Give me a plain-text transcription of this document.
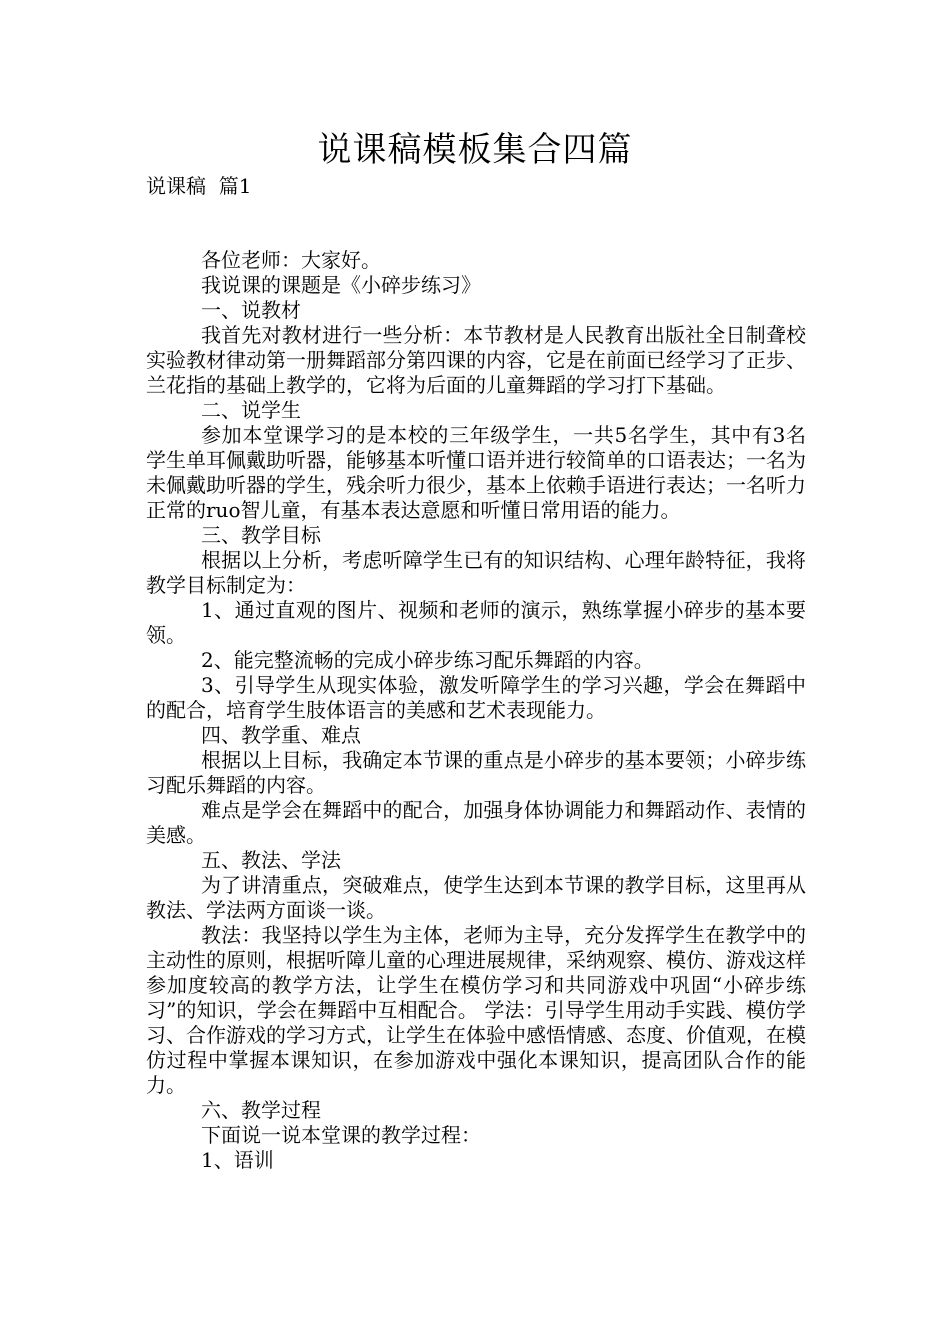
说课稿模板集合四篇
说课稿  篇1

各位老师：大家好。

我说课的课题是《小碎步练习》

一、说教材

我首先对教材进行一些分析：本节教材是人民教育出版社全日制聋校实验教材律动第一册舞蹈部分第四课的内容，它是在前面已经学习了正步、兰花指的基础上教学的，它将为后面的儿童舞蹈的学习打下基础。

二、说学生

参加本堂课学习的是本校的三年级学生，一共5名学生，其中有3名学生单耳佩戴助听器，能够基本听懂口语并进行较简单的口语表达；一名为未佩戴助听器的学生，残余听力很少，基本上依赖手语进行表达；一名听力正常的ruo智儿童，有基本表达意愿和听懂日常用语的能力。

三、教学目标

根据以上分析，考虑听障学生已有的知识结构、心理年龄特征，我将教学目标制定为：

1、通过直观的图片、视频和老师的演示，熟练掌握小碎步的基本要领。

2、能完整流畅的完成小碎步练习配乐舞蹈的内容。

3、引导学生从现实体验，激发听障学生的学习兴趣，学会在舞蹈中的配合，培育学生肢体语言的美感和艺术表现能力。

四、教学重、难点

根据以上目标，我确定本节课的重点是小碎步的基本要领；小碎步练习配乐舞蹈的内容。

难点是学会在舞蹈中的配合，加强身体协调能力和舞蹈动作、表情的美感。

五、教法、学法

为了讲清重点，突破难点，使学生达到本节课的教学目标，这里再从教法、学法两方面谈一谈。

教法：我坚持以学生为主体，老师为主导，充分发挥学生在教学中的主动性的原则，根据听障儿童的心理进展规律，采纳观察、模仿、游戏这样参加度较高的教学方法，让学生在模仿学习和共同游戏中巩固“小碎步练习”的知识，学会在舞蹈中互相配合。 学法：引导学生用动手实践、模仿学习、合作游戏的学习方式，让学生在体验中感悟情感、态度、价值观，在模仿过程中掌握本课知识，在参加游戏中强化本课知识，提高团队合作的能力。

六、教学过程

下面说一说本堂课的教学过程：

1、语训
